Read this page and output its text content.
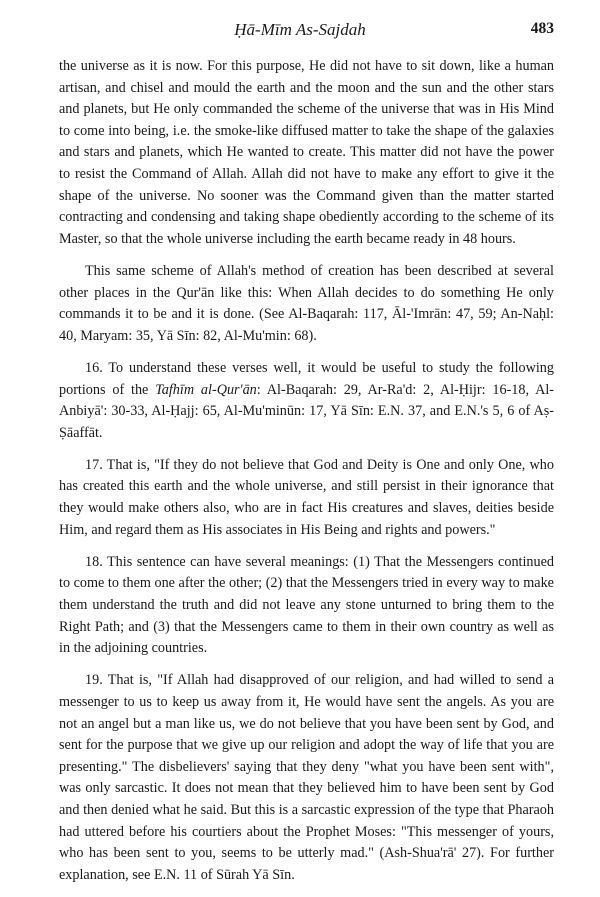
Ḥā-Mīm As-Sajdah	483

the universe as it is now. For this purpose, He did not have to sit down, like a human artisan, and chisel and mould the earth and the moon and the sun and the other stars and planets, but He only commanded the scheme of the universe that was in His Mind to come into being, i.e. the smoke-like diffused matter to take the shape of the galaxies and stars and planets, which He wanted to create. This matter did not have the power to resist the Command of Allah. Allah did not have to make any effort to give it the shape of the universe. No sooner was the Command given than the matter started contracting and condensing and taking shape obediently according to the scheme of its Master, so that the whole universe including the earth became ready in 48 hours.

This same scheme of Allah's method of creation has been described at several other places in the Qur'ān like this: When Allah decides to do something He only commands it to be and it is done. (See Al-Baqarah: 117, Āl-'Imrān: 47, 59; An-Naḥl: 40, Maryam: 35, Yā Sīn: 82, Al-Mu'min: 68).

16. To understand these verses well, it would be useful to study the following portions of the Tafhīm al-Qur'ān: Al-Baqarah: 29, Ar-Ra'd: 2, Al-Ḥijr: 16-18, Al-Anbiyā': 30-33, Al-Ḥajj: 65, Al-Mu'minūn: 17, Yā Sīn: E.N. 37, and E.N.'s 5, 6 of Aṣ-Ṣāaffāt.

17. That is, "If they do not believe that God and Deity is One and only One, who has created this earth and the whole universe, and still persist in their ignorance that they would make others also, who are in fact His creatures and slaves, deities beside Him, and regard them as His associates in His Being and rights and powers."

18. This sentence can have several meanings: (1) That the Messengers continued to come to them one after the other; (2) that the Messengers tried in every way to make them understand the truth and did not leave any stone unturned to bring them to the Right Path; and (3) that the Messengers came to them in their own country as well as in the adjoining countries.

19. That is, "If Allah had disapproved of our religion, and had willed to send a messenger to us to keep us away from it, He would have sent the angels. As you are not an angel but a man like us, we do not believe that you have been sent by God, and sent for the purpose that we give up our religion and adopt the way of life that you are presenting." The disbelievers' saying that they deny "what you have been sent with", was only sarcastic. It does not mean that they believed him to have been sent by God and then denied what he said. But this is a sarcastic expression of the type that Pharaoh had uttered before his courtiers about the Prophet Moses: "This messenger of yours, who has been sent to you, seems to be utterly mad." (Ash-Shua'rā' 27). For further explanation, see E.N. 11 of Sūrah Yā Sīn.
